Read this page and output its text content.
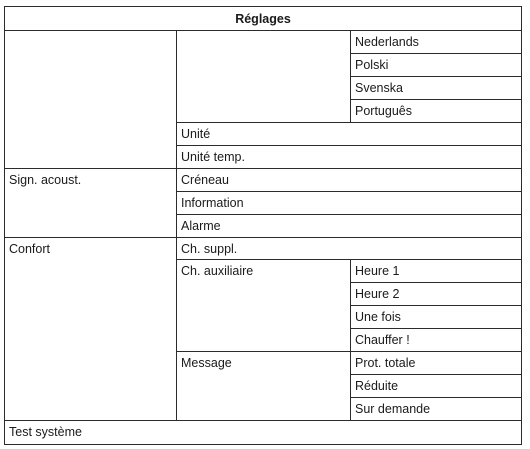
Réglages
Sign. acoust.
Confort
Test système
Unité
Unité temp.
Créneau
Information
Alarme
Ch. suppl.
Ch. auxiliaire
Message
Nederlands
Polski
Svenska
Português
Heure 1
Heure 2
Une fois
Chauffer !
Prot. totale
Réduite
Sur demande
